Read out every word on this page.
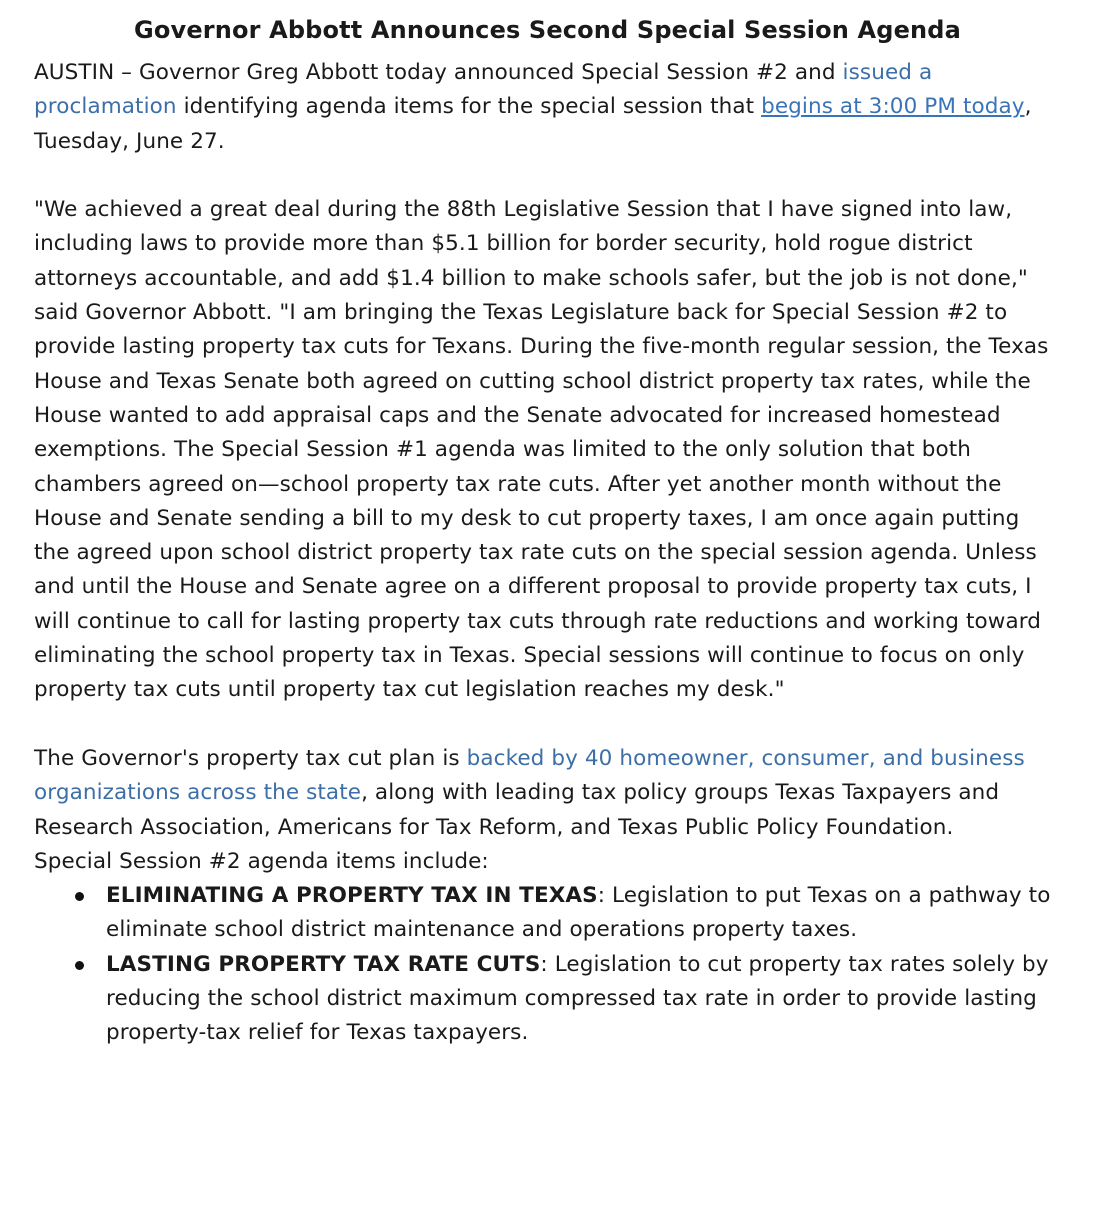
Governor Abbott Announces Second Special Session Agenda

AUSTIN – Governor Greg Abbott today announced Special Session #2 and issued a proclamation identifying agenda items for the special session that begins at 3:00 PM today, Tuesday, June 27.

"We achieved a great deal during the 88th Legislative Session that I have signed into law, including laws to provide more than $5.1 billion for border security, hold rogue district attorneys accountable, and add $1.4 billion to make schools safer, but the job is not done," said Governor Abbott. "I am bringing the Texas Legislature back for Special Session #2 to provide lasting property tax cuts for Texans. During the five-month regular session, the Texas House and Texas Senate both agreed on cutting school district property tax rates, while the House wanted to add appraisal caps and the Senate advocated for increased homestead exemptions. The Special Session #1 agenda was limited to the only solution that both chambers agreed on—school property tax rate cuts. After yet another month without the House and Senate sending a bill to my desk to cut property taxes, I am once again putting the agreed upon school district property tax rate cuts on the special session agenda. Unless and until the House and Senate agree on a different proposal to provide property tax cuts, I will continue to call for lasting property tax cuts through rate reductions and working toward eliminating the school property tax in Texas. Special sessions will continue to focus on only property tax cuts until property tax cut legislation reaches my desk."

The Governor's property tax cut plan is backed by 40 homeowner, consumer, and business organizations across the state, along with leading tax policy groups Texas Taxpayers and Research Association, Americans for Tax Reform, and Texas Public Policy Foundation.

Special Session #2 agenda items include:

ELIMINATING A PROPERTY TAX IN TEXAS: Legislation to put Texas on a pathway to eliminate school district maintenance and operations property taxes.
LASTING PROPERTY TAX RATE CUTS: Legislation to cut property tax rates solely by reducing the school district maximum compressed tax rate in order to provide lasting property-tax relief for Texas taxpayers.
